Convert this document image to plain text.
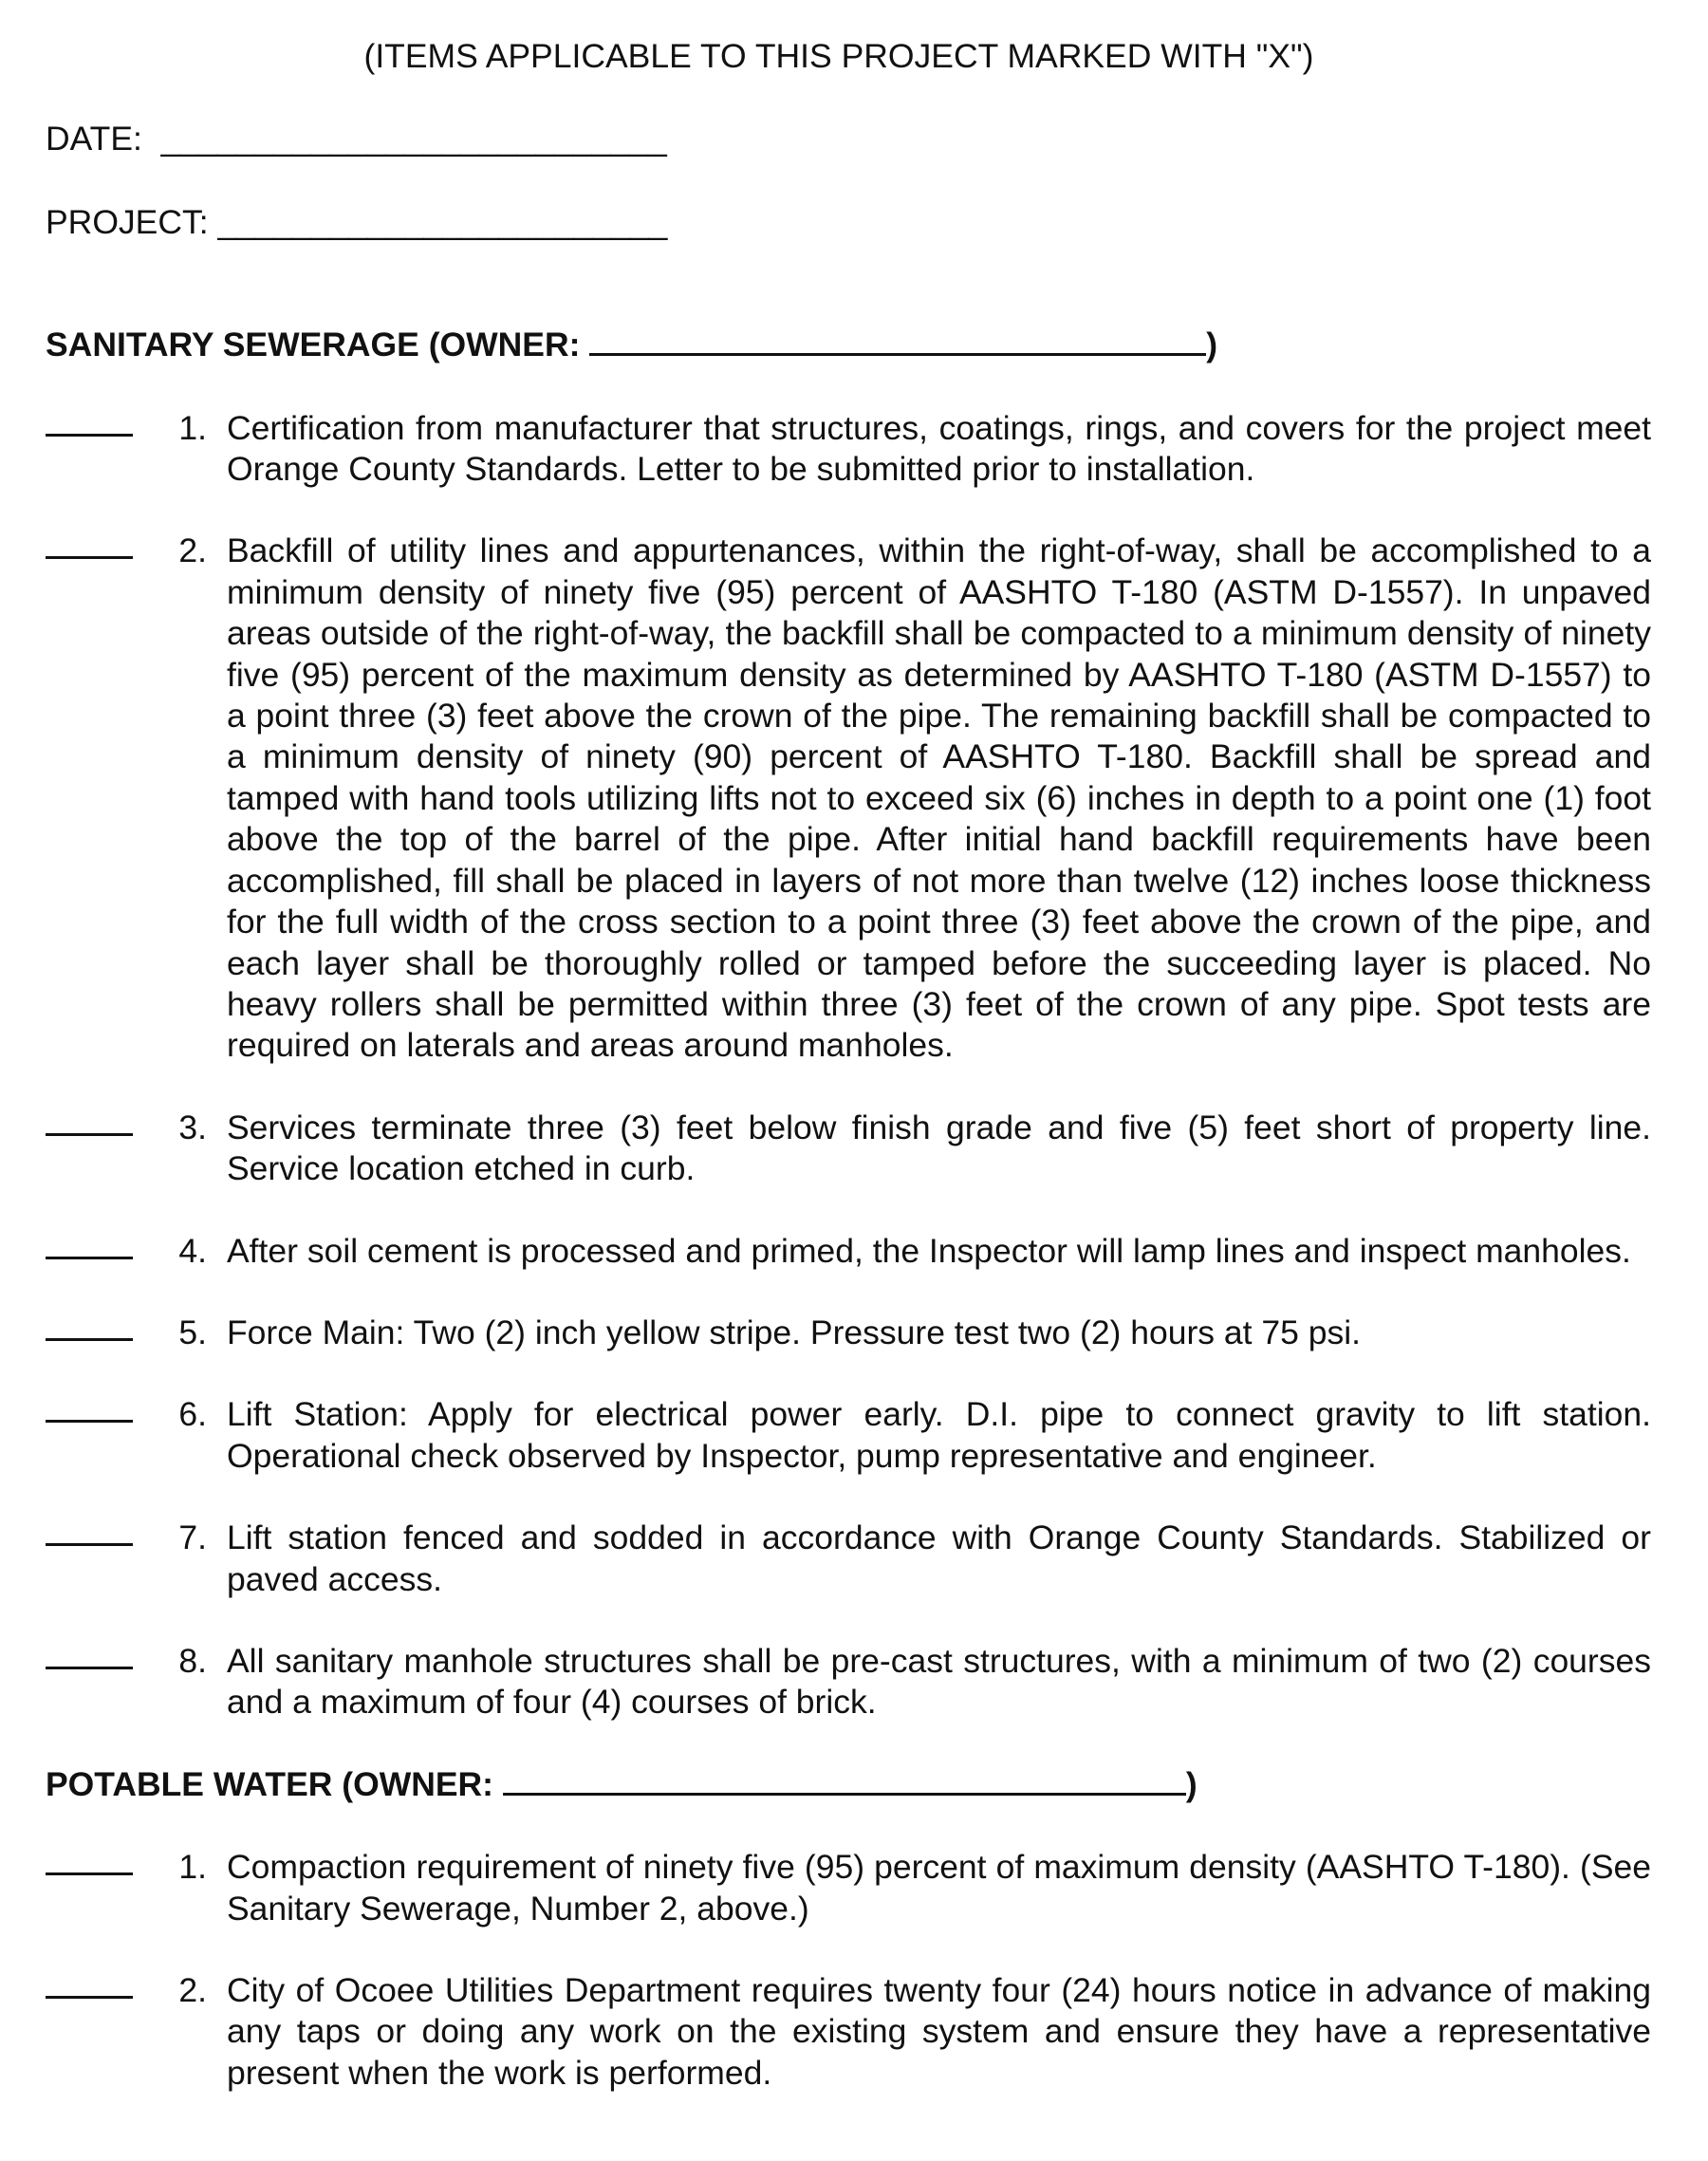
(ITEMS APPLICABLE TO THIS PROJECT MARKED WITH "X")
DATE: ___________________________
PROJECT: ________________________
SANITARY SEWERAGE (OWNER:	)
1. Certification from manufacturer that structures, coatings, rings, and covers for the project meet Orange County Standards. Letter to be submitted prior to installation.
2. Backfill of utility lines and appurtenances, within the right-of-way, shall be accomplished to a minimum density of ninety five (95) percent of AASHTO T-180 (ASTM D-1557). In unpaved areas outside of the right-of-way, the backfill shall be compacted to a minimum density of ninety five (95) percent of the maximum density as determined by AASHTO T-180 (ASTM D-1557) to a point three (3) feet above the crown of the pipe. The remaining backfill shall be compacted to a minimum density of ninety (90) percent of AASHTO T-180. Backfill shall be spread and tamped with hand tools utilizing lifts not to exceed six (6) inches in depth to a point one (1) foot above the top of the barrel of the pipe. After initial hand backfill requirements have been accomplished, fill shall be placed in layers of not more than twelve (12) inches loose thickness for the full width of the cross section to a point three (3) feet above the crown of the pipe, and each layer shall be thoroughly rolled or tamped before the succeeding layer is placed. No heavy rollers shall be permitted within three (3) feet of the crown of any pipe. Spot tests are required on laterals and areas around manholes.
3. Services terminate three (3) feet below finish grade and five (5) feet short of property line. Service location etched in curb.
4. After soil cement is processed and primed, the Inspector will lamp lines and inspect manholes.
5. Force Main: Two (2) inch yellow stripe. Pressure test two (2) hours at 75 psi.
6. Lift Station: Apply for electrical power early. D.I. pipe to connect gravity to lift station. Operational check observed by Inspector, pump representative and engineer.
7. Lift station fenced and sodded in accordance with Orange County Standards. Stabilized or paved access.
8. All sanitary manhole structures shall be pre-cast structures, with a minimum of two (2) courses and a maximum of four (4) courses of brick.
POTABLE WATER (OWNER:	)
1. Compaction requirement of ninety five (95) percent of maximum density (AASHTO T-180). (See Sanitary Sewerage, Number 2, above.)
2. City of Ocoee Utilities Department requires twenty four (24) hours notice in advance of making any taps or doing any work on the existing system and ensure they have a representative present when the work is performed.
